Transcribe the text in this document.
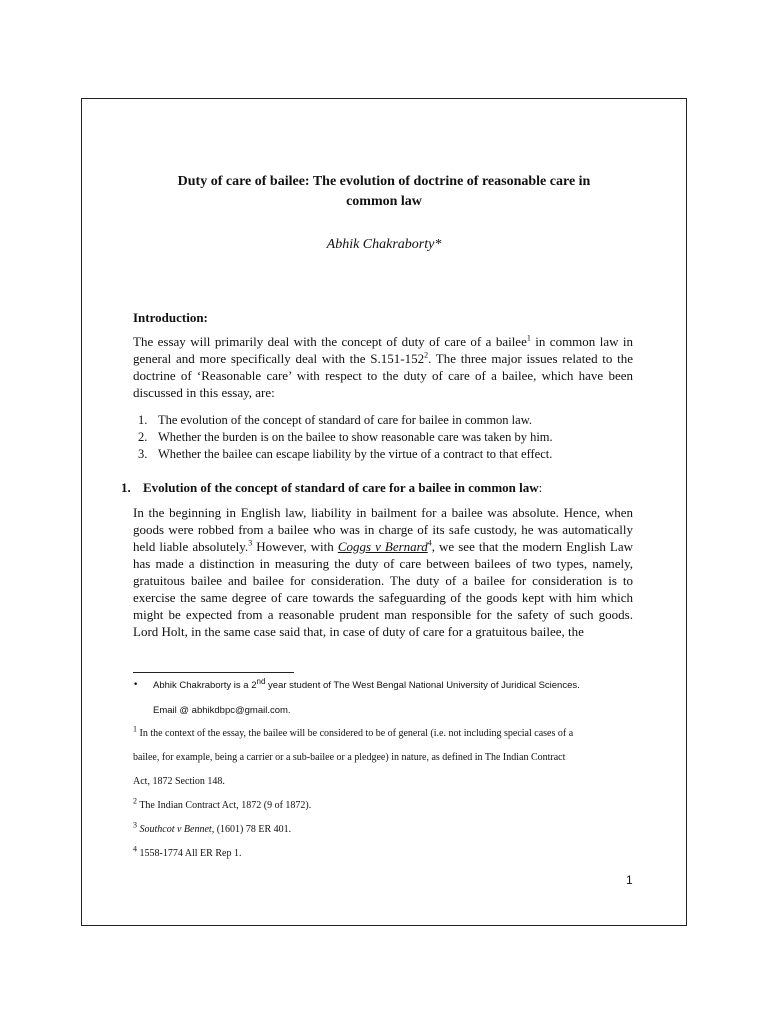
Duty of care of bailee: The evolution of doctrine of reasonable care in
common law
Abhik Chakraborty*
Introduction:
The essay will primarily deal with the concept of duty of care of a bailee$^1$ in common law in general and more specifically deal with the $S.151-152^2$. The three major issues related to the doctrine of ‘Reasonable care’ with respect to the duty of care of a bailee, which have been discussed in this essay, are:
1. The evolution of the concept of standard of care for bailee in common law.
2. Whether the burden is on the bailee to show reasonable care was taken by him.
3. Whether the bailee can escape liability by the virtue of a contract to that effect.
1. Evolution of the concept of standard of care for a bailee in common law:
In the beginning in English law, liability in bailment for a bailee was absolute. Hence, when goods were robbed from a bailee who was in charge of its safe custody, he was automatically held liable absolutely.$^3$ However, with Coggs v Bernard$^4$, we see that the modern English Law has made a distinction in measuring the duty of care between bailees of two types, namely, gratuitous bailee and bailee for consideration. The duty of a bailee for consideration is to exercise the same degree of care towards the safeguarding of the goods kept with him which might be expected from a reasonable prudent man responsible for the safety of such goods. Lord Holt, in the same case said that, in case of duty of care for a gratuitous bailee, the
• Abhik Chakraborty is a 2nd year student of The West Bengal National University of Juridical Sciences.
Email @ abhikdbpc@gmail.com.
$^1$ In the context of the essay, the bailee will be considered to be of general (i.e. not including special cases of a
bailee, for example, being a carrier or a sub-bailee or a pledgee) in nature, as defined in The Indian Contract
Act, 1872 Section 148.
$^2$ The Indian Contract Act, 1872 (9 of 1872).
$^3$ Southcot v Bennet, (1601) 78 ER 401.
$^4$ 1558-1774 All ER Rep 1.
1
